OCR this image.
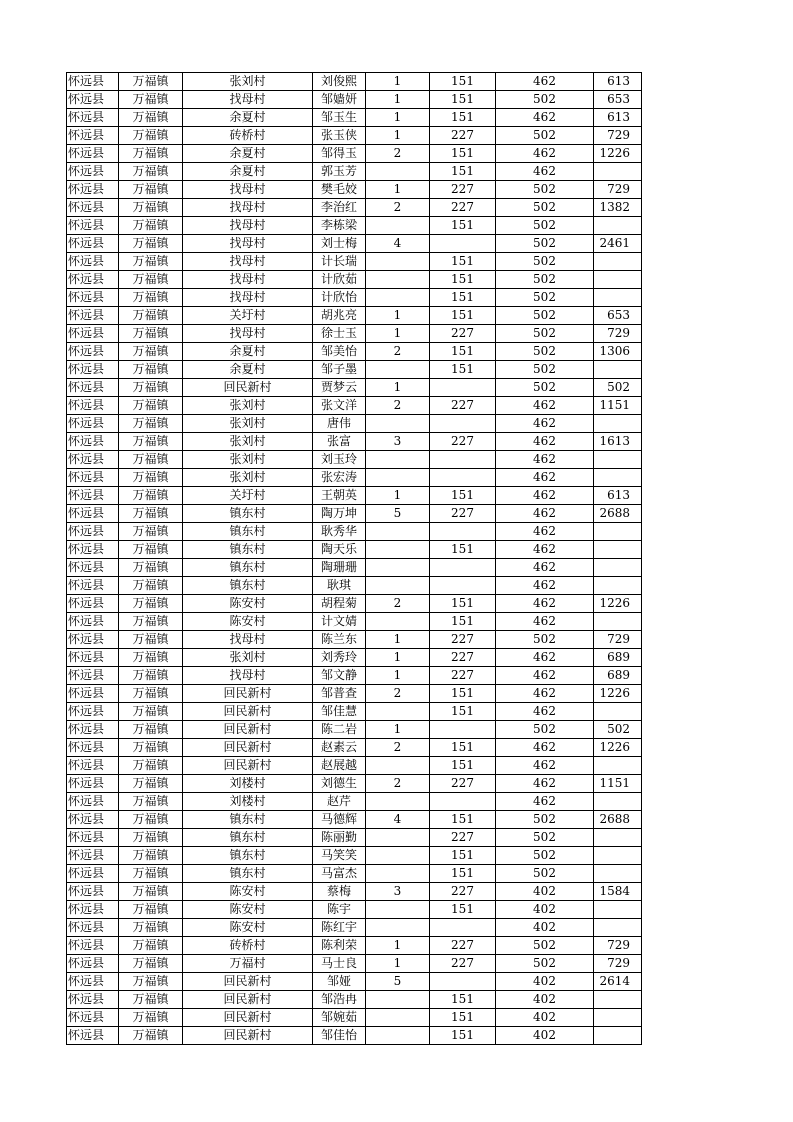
怀远县	万福镇	张刘村	刘俊熙	1	151	462	613
怀远县	万福镇	找母村	邹嫱妍	1	151	502	653
怀远县	万福镇	余夏村	邹玉生	1	151	462	613
怀远县	万福镇	砖桥村	张玉侠	1	227	502	729
怀远县	万福镇	余夏村	邹得玉	2	151	462	1226
怀远县	万福镇	余夏村	郭玉芳		151	462	
怀远县	万福镇	找母村	樊毛姣	1	227	502	729
怀远县	万福镇	找母村	李治红	2	227	502	1382
怀远县	万福镇	找母村	李栋梁		151	502	
怀远县	万福镇	找母村	刘士梅	4		502	2461
怀远县	万福镇	找母村	计长瑞		151	502	
怀远县	万福镇	找母村	计欣茹		151	502	
怀远县	万福镇	找母村	计欣怡		151	502	
怀远县	万福镇	关圩村	胡兆亮	1	151	502	653
怀远县	万福镇	找母村	徐士玉	1	227	502	729
怀远县	万福镇	余夏村	邹美怡	2	151	502	1306
怀远县	万福镇	余夏村	邹子墨		151	502	
怀远县	万福镇	回民新村	贾梦云	1		502	502
怀远县	万福镇	张刘村	张文洋	2	227	462	1151
怀远县	万福镇	张刘村	唐伟			462	
怀远县	万福镇	张刘村	张富	3	227	462	1613
怀远县	万福镇	张刘村	刘玉玲			462	
怀远县	万福镇	张刘村	张宏涛			462	
怀远县	万福镇	关圩村	王朝英	1	151	462	613
怀远县	万福镇	镇东村	陶万坤	5	227	462	2688
怀远县	万福镇	镇东村	耿秀华			462	
怀远县	万福镇	镇东村	陶天乐		151	462	
怀远县	万福镇	镇东村	陶珊珊			462	
怀远县	万福镇	镇东村	耿琪			462	
怀远县	万福镇	陈安村	胡程菊	2	151	462	1226
怀远县	万福镇	陈安村	计文婧		151	462	
怀远县	万福镇	找母村	陈兰东	1	227	502	729
怀远县	万福镇	张刘村	刘秀玲	1	227	462	689
怀远县	万福镇	找母村	邹文静	1	227	462	689
怀远县	万福镇	回民新村	邹普查	2	151	462	1226
怀远县	万福镇	回民新村	邹佳慧		151	462	
怀远县	万福镇	回民新村	陈二岩	1		502	502
怀远县	万福镇	回民新村	赵素云	2	151	462	1226
怀远县	万福镇	回民新村	赵展越		151	462	
怀远县	万福镇	刘楼村	刘德生	2	227	462	1151
怀远县	万福镇	刘楼村	赵芹			462	
怀远县	万福镇	镇东村	马德辉	4	151	502	2688
怀远县	万福镇	镇东村	陈丽勤		227	502	
怀远县	万福镇	镇东村	马笑笑		151	502	
怀远县	万福镇	镇东村	马富杰		151	502	
怀远县	万福镇	陈安村	蔡梅	3	227	402	1584
怀远县	万福镇	陈安村	陈宇		151	402	
怀远县	万福镇	陈安村	陈红宇			402	
怀远县	万福镇	砖桥村	陈利荣	1	227	502	729
怀远县	万福镇	万福村	马士良	1	227	502	729
怀远县	万福镇	回民新村	邹娅	5		402	2614
怀远县	万福镇	回民新村	邹浩冉		151	402	
怀远县	万福镇	回民新村	邹婉茹		151	402	
怀远县	万福镇	回民新村	邹佳怡		151	402	
